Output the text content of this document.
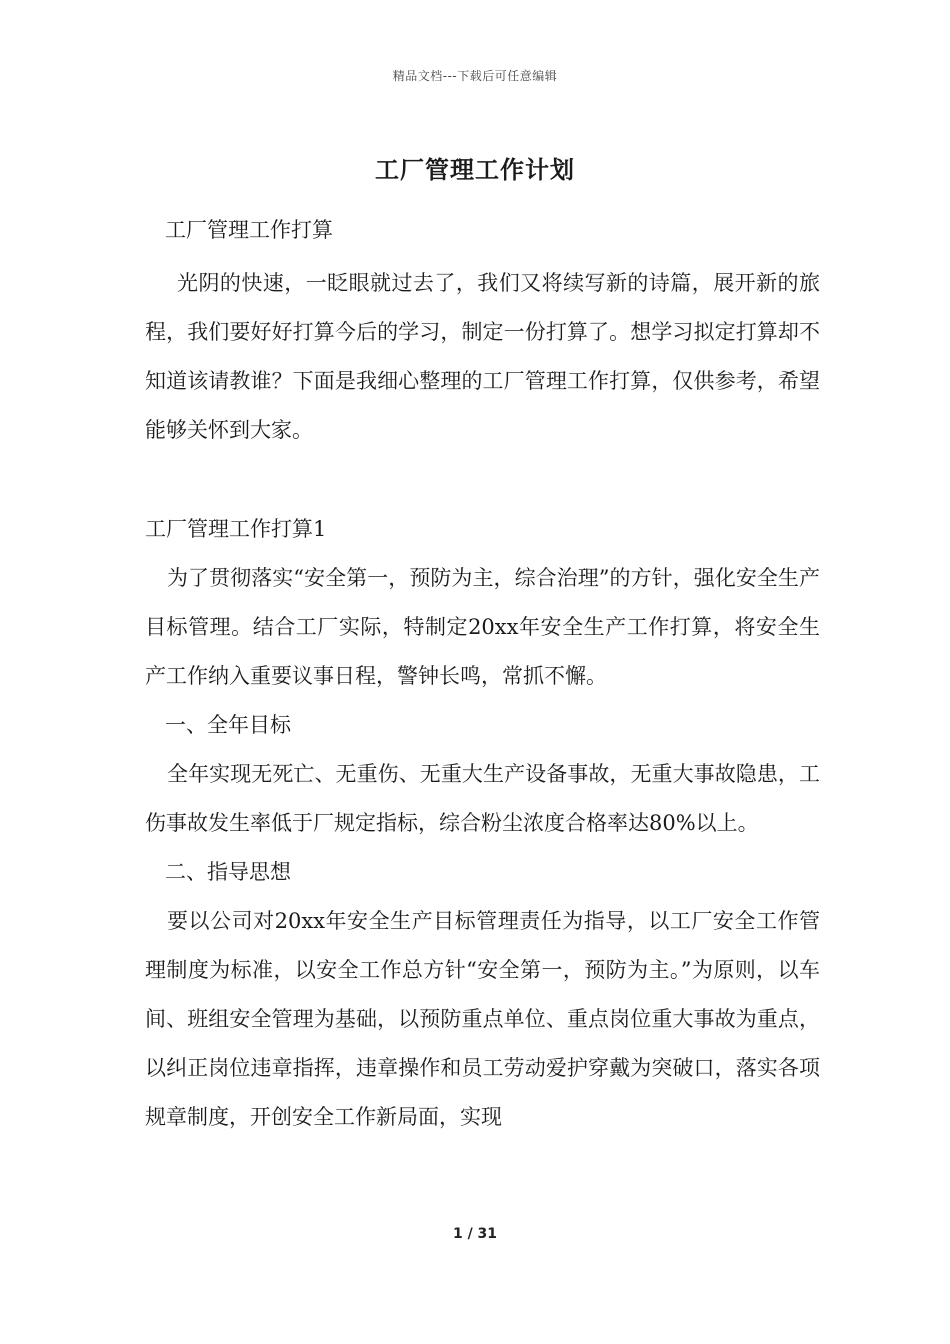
精品文档---下载后可任意编辑
工厂管理工作计划

工厂管理工作打算

光阴的快速，一眨眼就过去了，我们又将续写新的诗篇，展开新的旅程，我们要好好打算今后的学习，制定一份打算了。想学习拟定打算却不知道该请教谁？下面是我细心整理的工厂管理工作打算，仅供参考，希望能够关怀到大家。

工厂管理工作打算1

为了贯彻落实“安全第一，预防为主，综合治理”的方针，强化安全生产目标管理。结合工厂实际，特制定20xx年安全生产工作打算，将安全生产工作纳入重要议事日程，警钟长鸣，常抓不懈。

一、全年目标

全年实现无死亡、无重伤、无重大生产设备事故，无重大事故隐患，工伤事故发生率低于厂规定指标，综合粉尘浓度合格率达80%以上。

二、指导思想

要以公司对20xx年安全生产目标管理责任为指导，以工厂安全工作管理制度为标准，以安全工作总方针“安全第一，预防为主。”为原则，以车间、班组安全管理为基础，以预防重点单位、重点岗位重大事故为重点，以纠正岗位违章指挥，违章操作和员工劳动爱护穿戴为突破口，落实各项规章制度，开创安全工作新局面，实现

1 / 31
